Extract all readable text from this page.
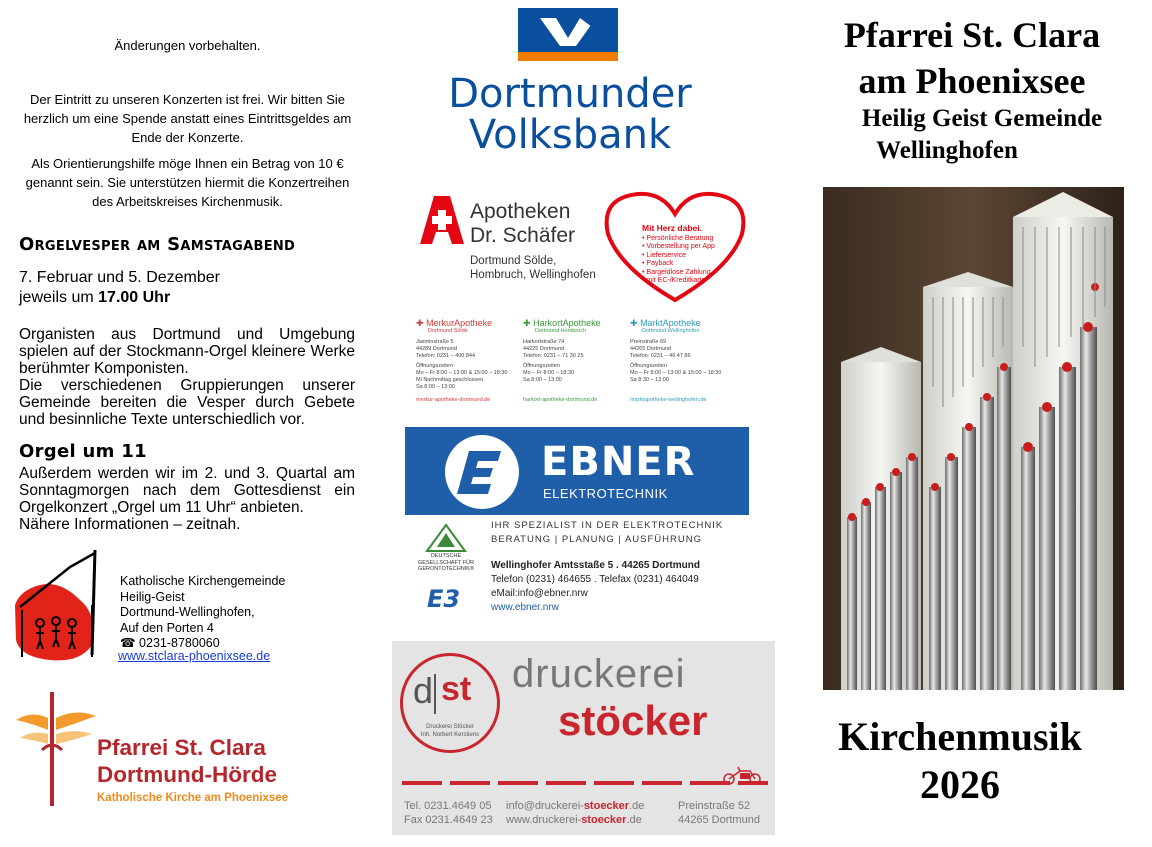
Änderungen vorbehalten.
Der Eintritt zu unseren Konzerten ist frei. Wir bitten Sie herzlich um eine Spende anstatt eines Eintrittsgeldes am Ende der Konzerte.
Als Orientierungshilfe möge Ihnen ein Betrag von 10 € genannt sein. Sie unterstützen hiermit die Konzertreihen des Arbeitskreises Kirchenmusik.
Orgelvesper am Samstagabend
7. Februar und 5. Dezember
jeweils um 17.00 Uhr

Organisten aus Dortmund und Umgebung spielen auf der Stockmann-Orgel kleinere Werke berühmter Komponisten.

Die verschiedenen Gruppierungen unserer Gemeinde bereiten die Vesper durch Gebete und besinnliche Texte unterschiedlich vor.

Orgel um 11

Außerdem werden wir im 2. und 3. Quartal am Sonntagmorgen nach dem Gottesdienst ein Orgelkonzert „Orgel um 11 Uhr“ anbieten.

Nähere Informationen – zeitnah.

Katholische Kirchengemeinde
Heilig-Geist
Dortmund-Wellinghofen,
Auf den Porten 4
☎ 0231-8780060
www.stclara-phoenixsee.de
Pfarrei St. Clara
Dortmund-Hörde
Katholische Kirche am Phoenixsee
Dortmunder
Volksbank
Apotheken
Dr. Schäfer
Dortmund Sölde,
Hombruch, Wellinghofen
Mit Herz dabei.
• Persönliche Beratung
• Vorbestellung per App
• Lieferservice
• Payback
• Bargeldlose Zahlung
• mit EC-/Kreditkarte
✚ MerkurApotheke
Dortmund Sölde
Jasminstraße 5
44289 Dortmund
Telefon: 0231 – 400 844
Öffnungszeiten
Mo – Fr 8:00 – 13:00 & 15:00 – 18:30
Mi Nachmittag geschlossen
Sa 8:00 – 13:00
merkur-apotheke-dortmund.de
✚ HarkortApotheke
Dortmund Hombruch
Harkortstraße 74
44225 Dortmund
Telefon: 0231 – 71 30 25
Öffnungszeiten
Mo – Fr 8:00 – 18:30
Sa 8:00 – 13:00
harkort-apotheke-dortmund.de
✚ MarktApotheke
Dortmund Wellinghofen
Preinstraße 69
44265 Dortmund
Telefon: 0231 – 46 47 86
Öffnungszeiten
Mo – Fr 8:00 – 13:00 & 15:00 – 18:30
Sa 8:30 – 13:00
marktapotheke-wellinghofen.de
EBNER
ELEKTROTECHNIK
DEUTSCHE GESELLSCHAFT FÜR GERONTOTECHNIK®
E3
IHR SPEZIALIST IN DER ELEKTROTECHNIK
BERATUNG | PLANUNG | AUSFÜHRUNG
Wellinghofer Amtsstaße 5 . 44265 Dortmund
Telefon (0231) 464655 . Telefax (0231) 464049
eMail:info@ebner.nrw
www.ebner.nrw
d st
Druckerei Stöcker
Inh. Norbert Kerstiens
druckerei
stöcker
Tel. 0231.4649 05
Fax 0231.4649 23
info@druckerei-stoecker.de
www.druckerei-stoecker.de
Preinstraße 52
44265 Dortmund
Pfarrei St. Clara
am Phoenixsee
Heilig Geist Gemeinde
Wellinghofen
Kirchenmusik
2026
